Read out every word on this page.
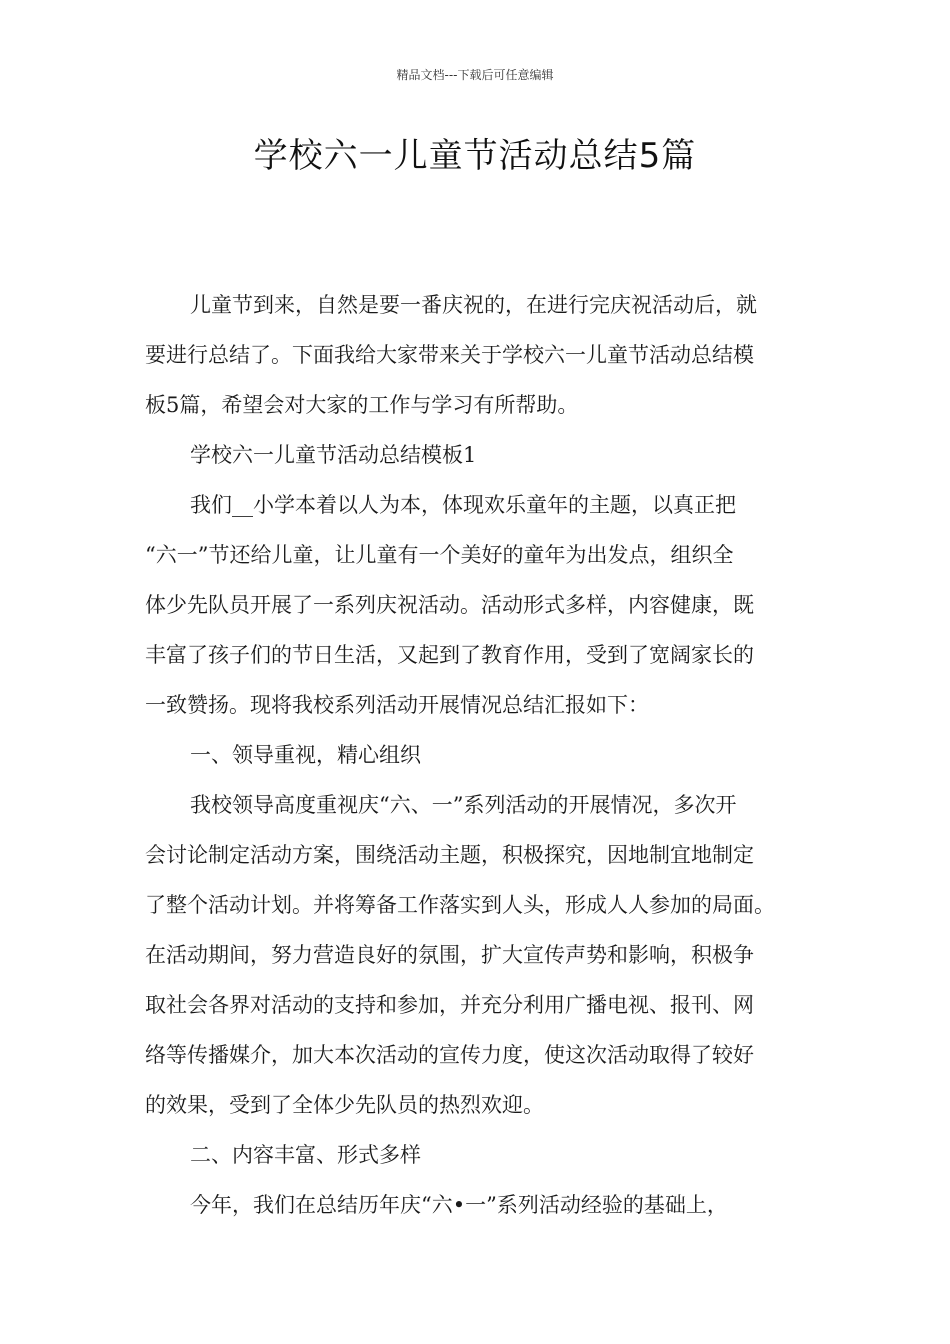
精品文档---下载后可任意编辑
学校六一儿童节活动总结5篇
儿童节到来，自然是要一番庆祝的，在进行完庆祝活动后，就
要进行总结了。下面我给大家带来关于学校六一儿童节活动总结模
板5篇，希望会对大家的工作与学习有所帮助。
学校六一儿童节活动总结模板1
我们__小学本着以人为本，体现欢乐童年的主题，以真正把
“六一”节还给儿童，让儿童有一个美好的童年为出发点，组织全
体少先队员开展了一系列庆祝活动。活动形式多样，内容健康，既
丰富了孩子们的节日生活，又起到了教育作用，受到了宽阔家长的
一致赞扬。现将我校系列活动开展情况总结汇报如下：
一、领导重视，精心组织
我校领导高度重视庆“六、一”系列活动的开展情况，多次开
会讨论制定活动方案，围绕活动主题，积极探究，因地制宜地制定
了整个活动计划。并将筹备工作落实到人头，形成人人参加的局面。
在活动期间，努力营造良好的氛围，扩大宣传声势和影响，积极争
取社会各界对活动的支持和参加，并充分利用广播电视、报刊、网
络等传播媒介，加大本次活动的宣传力度，使这次活动取得了较好
的效果，受到了全体少先队员的热烈欢迎。
二、内容丰富、形式多样
今年，我们在总结历年庆“六•一”系列活动经验的基础上，
